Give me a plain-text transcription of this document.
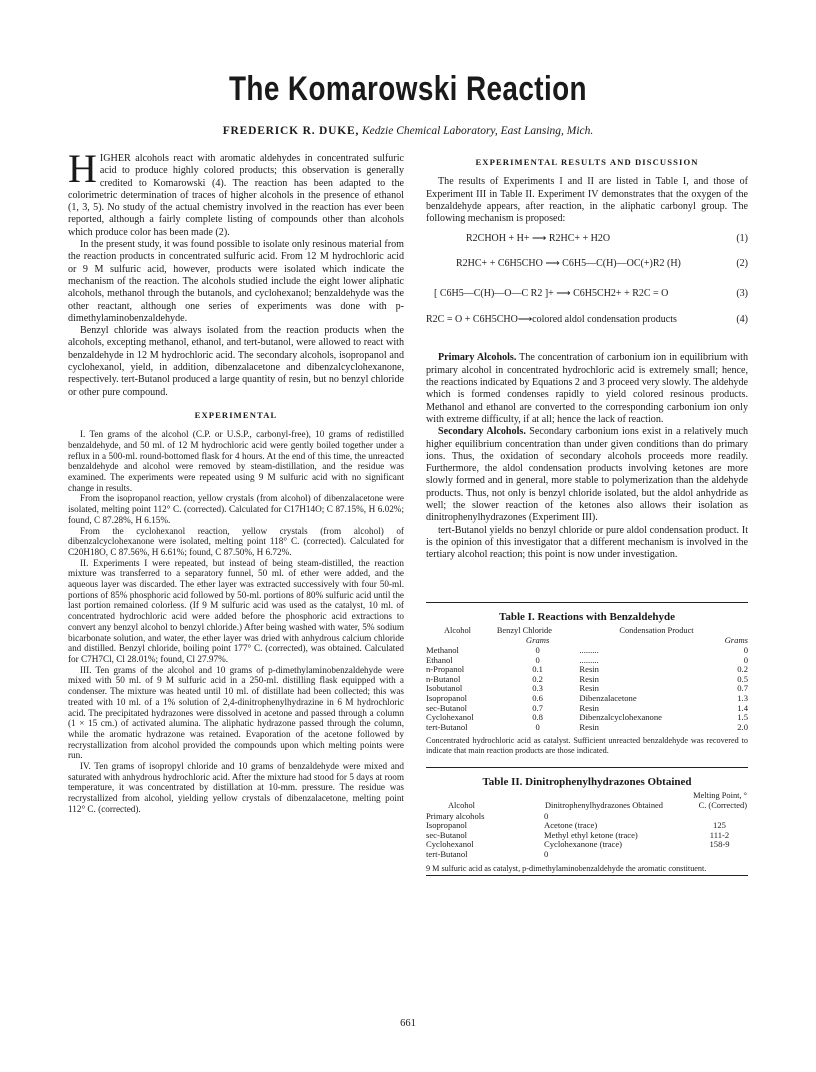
The Komarowski Reaction
FREDERICK R. DUKE, Kedzie Chemical Laboratory, East Lansing, Mich.

HIGHER alcohols react with aromatic aldehydes in concentrated sulfuric acid to produce highly colored products; this observation is generally credited to Komarowski (4). The reaction has been adapted to the colorimetric determination of traces of higher alcohols in the presence of ethanol (1, 3, 5). No study of the actual chemistry involved in the reaction has ever been reported, although a fairly complete listing of compounds other than alcohols which produce color has been made (2).

In the present study, it was found possible to isolate only resinous material from the reaction products in concentrated sulfuric acid. From 12 M hydrochloric acid or 9 M sulfuric acid, however, products were isolated which indicate the mechanism of the reaction. The alcohols studied include the eight lower aliphatic alcohols, methanol through the butanols, and cyclohexanol; benzaldehyde was the other reactant, although one series of experiments was done with p-dimethylaminobenzaldehyde.

Benzyl chloride was always isolated from the reaction products when the alcohols, excepting methanol, ethanol, and tert-butanol, were allowed to react with benzaldehyde in 12 M hydrochloric acid. The secondary alcohols, isopropanol and cyclohexanol, yield, in addition, dibenzalacetone and dibenzalcyclohexanone, respectively. tert-Butanol produced a large quantity of resin, but no benzyl chloride or other pure compound.

EXPERIMENTAL

I. Ten grams of the alcohol (C.P. or U.S.P., carbonyl-free), 10 grams of redistilled benzaldehyde, and 50 ml. of 12 M hydrochloric acid were gently boiled together under a reflux in a 500-ml. round-bottomed flask for 4 hours. At the end of this time, the unreacted benzaldehyde and alcohol were removed by steam-distillation, and the residue was examined. The experiments were repeated using 9 M sulfuric acid with no significant change in results.

From the isopropanol reaction, yellow crystals (from alcohol) of dibenzalacetone were isolated, melting point 112° C. (corrected). Calculated for C17H14O; C 87.15%, H 6.02%; found, C 87.28%, H 6.15%.

From the cyclohexanol reaction, yellow crystals (from alcohol) of dibenzalcyclohexanone were isolated, melting point 118° C. (corrected). Calculated for C20H18O, C 87.56%, H 6.61%; found, C 87.50%, H 6.72%.

II. Experiments I were repeated, but instead of being steam-distilled, the reaction mixture was transferred to a separatory funnel, 50 ml. of ether were added, and the aqueous layer was discarded. The ether layer was extracted successively with four 50-ml. portions of 85% phosphoric acid followed by 50-ml. portions of 80% sulfuric acid until the last portion remained colorless. (If 9 M sulfuric acid was used as the catalyst, 10 ml. of concentrated hydrochloric acid were added before the phosphoric acid extractions to convert any benzyl alcohol to benzyl chloride.) After being washed with water, 5% sodium bicarbonate solution, and water, the ether layer was dried with anhydrous calcium chloride and distilled. Benzyl chloride, boiling point 177° C. (corrected), was obtained. Calculated for C7H7Cl, Cl 28.01%; found, Cl 27.97%.

III. Ten grams of the alcohol and 10 grams of p-dimethylaminobenzaldehyde were mixed with 50 ml. of 9 M sulfuric acid in a 250-ml. distilling flask equipped with a condenser. The mixture was heated until 10 ml. of distillate had been collected; this was treated with 10 ml. of a 1% solution of 2,4-dinitrophenylhydrazine in 6 M hydrochloric acid. The precipitated hydrazones were dissolved in acetone and passed through a column (1 × 15 cm.) of activated alumina. The aliphatic hydrazone passed through the column, while the aromatic hydrazone was retained. Evaporation of the acetone followed by recrystallization from alcohol provided the compounds upon which melting points were run.

IV. Ten grams of isopropyl chloride and 10 grams of benzaldehyde were mixed and saturated with anhydrous hydrochloric acid. After the mixture had stood for 5 days at room temperature, it was concentrated by distillation at 10-mm. pressure. The residue was recrystallized from alcohol, yielding yellow crystals of dibenzalacetone, melting point 112° C. (corrected).

EXPERIMENTAL RESULTS AND DISCUSSION

The results of Experiments I and II are listed in Table I, and those of Experiment III in Table II. Experiment IV demonstrates that the oxygen of the benzaldehyde appears, after reaction, in the aliphatic carbonyl group. The following mechanism is proposed:

R2CHOH + H+ ⟶ R2HC+ + H2O	(1)
R2HC+ + C6H5CHO ⟶ C6H5—C(H)—OC(+)R2 (H)	(2)
[ C6H5—C(H)—O—C R2 ]+ ⟶ C6H5CH2+ + R2C = O	(3)
R2C = O + C6H5CHO⟶colored aldol condensation products	(4)

Primary Alcohols. The concentration of carbonium ion in equilibrium with primary alcohol in concentrated hydrochloric acid is extremely small; hence, the reactions indicated by Equations 2 and 3 proceed very slowly. The aldehyde which is formed condenses rapidly to yield colored resinous products. Methanol and ethanol are converted to the corresponding carbonium ion only with extreme difficulty, if at all; hence the lack of reaction.

Secondary Alcohols. Secondary carbonium ions exist in a relatively much higher equilibrium concentration than under given conditions than do primary ions. Thus, the oxidation of secondary alcohols proceeds more readily. Furthermore, the aldol condensation products involving ketones are more slowly formed and in general, more stable to polymerization than the aldehyde products. Thus, not only is benzyl chloride isolated, but the aldol anhydride as well; the slower reaction of the ketones also allows their isolation as dinitrophenylhydrazones (Experiment III).

tert-Butanol yields no benzyl chloride or pure aldol condensation product. It is the opinion of this investigator that a different mechanism is involved in the tertiary alcohol reaction; this point is now under investigation.

Table I. Reactions with Benzaldehyde
Alcohol	Benzyl Chloride	Condensation Product	
	Grams		Grams
Methanol	0	.........	0
Ethanol	0	.........	0
n-Propanol	0.1	Resin	0.2
n-Butanol	0.2	Resin	0.5
Isobutanol	0.3	Resin	0.7
Isopropanol	0.6	Dibenzalacetone	1.3
sec-Butanol	0.7	Resin	1.4
Cyclohexanol	0.8	Dibenzalcyclohexanone	1.5
tert-Butanol	0	Resin	2.0
Concentrated hydrochloric acid as catalyst. Sufficient unreacted benzaldehyde was recovered to indicate that main reaction products are those indicated.
Table II. Dinitrophenylhydrazones Obtained
Alcohol	Dinitrophenylhydrazones Obtained	Melting Point, ° C. (Corrected)
Primary alcohols	0	
Isopropanol	Acetone (trace)	125
sec-Butanol	Methyl ethyl ketone (trace)	111-2
Cyclohexanol	Cyclohexanone (trace)	158-9
tert-Butanol	0	
9 M sulfuric acid as catalyst, p-dimethylaminobenzaldehyde the aromatic constituent.
661
